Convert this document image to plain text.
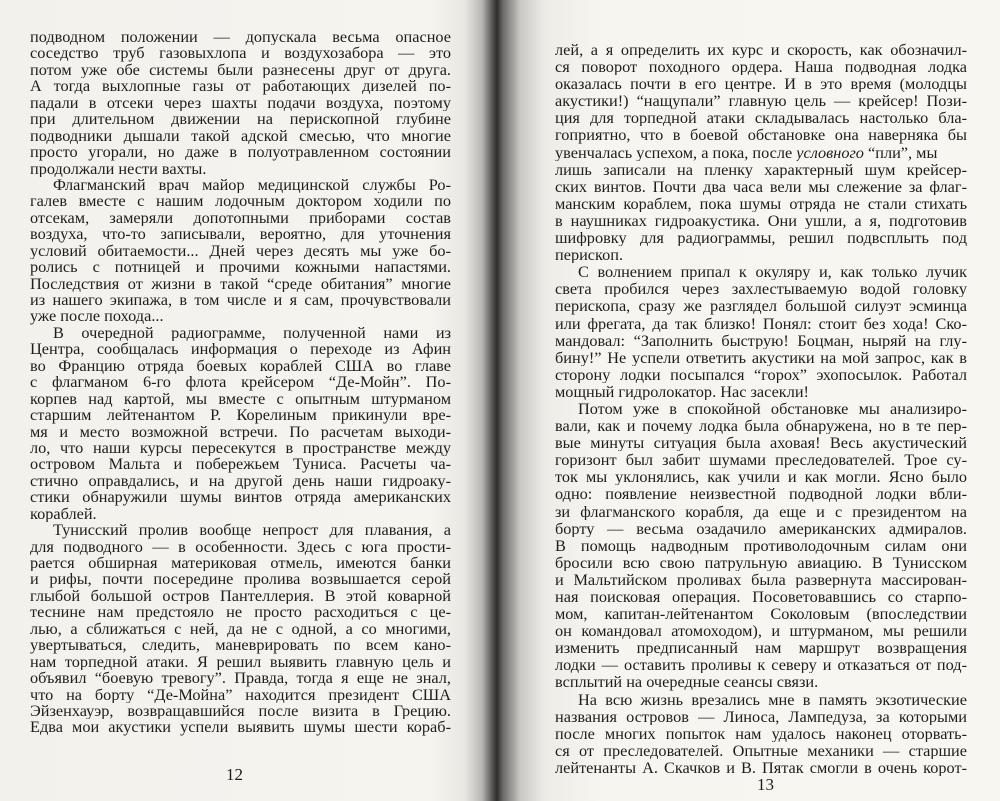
подводном положении — допускала весьма опасное
соседство труб газовыхлопа и воздухозабора — это
потом уже обе системы были разнесены друг от друга.
А тогда выхлопные газы от работающих дизелей по-
падали в отсеки через шахты подачи воздуха, поэтому
при длительном движении на перископной глубине
подводники дышали такой адской смесью, что многие
просто угорали, но даже в полуотравленном состоянии
продолжали нести вахты.
Флагманский врач майор медицинской службы Ро-
галев вместе с нашим лодочным доктором ходили по
отсекам, замеряли допотопными приборами состав
воздуха, что-то записывали, вероятно, для уточнения
условий обитаемости... Дней через десять мы уже бо-
ролись с потницей и прочими кожными напастями.
Последствия от жизни в такой “среде обитания” многие
из нашего экипажа, в том числе и я сам, прочувствовали
уже после похода...
В очередной радиограмме, полученной нами из
Центра, сообщалась информация о переходе из Афин
во Францию отряда боевых кораблей США во главе
с флагманом 6-го флота крейсером “Де-Мойн”. По-
корпев над картой, мы вместе с опытным штурманом
старшим лейтенантом Р. Корелиным прикинули вре-
мя и место возможной встречи. По расчетам выходи-
ло, что наши курсы пересекутся в пространстве между
островом Мальта и побережьем Туниса. Расчеты ча-
стично оправдались, и на другой день наши гидроаку-
стики обнаружили шумы винтов отряда американских
кораблей.
Тунисский пролив вообще непрост для плавания, а
для подводного — в особенности. Здесь с юга прости-
рается обширная материковая отмель, имеются банки
и рифы, почти посередине пролива возвышается серой
глыбой большой остров Пантеллерия. В этой коварной
теснине нам предстояло не просто расходиться с це-
лью, а сближаться с ней, да не с одной, а со многими,
увертываться, следить, маневрировать по всем кано-
нам торпедной атаки. Я решил выявить главную цель и
объявил “боевую тревогу”. Правда, тогда я еще не знал,
что на борту “Де-Мойна” находится президент США
Эйзенхауэр, возвращавшийся после визита в Грецию.
Едва мои акустики успели выявить шумы шести кораб-
12
лей, а я определить их курс и скорость, как обозначил-
ся поворот походного ордера. Наша подводная лодка
оказалась почти в его центре. И в это время (молодцы
акустики!) “нащупали” главную цель — крейсер! Пози-
ция для торпедной атаки складывалась настолько бла-
гоприятно, что в боевой обстановке она наверняка бы
увенчалась успехом, а пока, после условного “пли”, мы
лишь записали на пленку характерный шум крейсер-
ских винтов. Почти два часа вели мы слежение за флаг-
манским кораблем, пока шумы отряда не стали стихать
в наушниках гидроакустика. Они ушли, а я, подготовив
шифровку для радиограммы, решил подвсплыть под
перископ.
С волнением припал к окуляру и, как только лучик
света пробился через захлестываемую водой головку
перископа, сразу же разглядел большой силуэт эсминца
или фрегата, да так близко! Понял: стоит без хода! Ско-
мандовал: “Заполнить быструю! Боцман, ныряй на глу-
бину!” Не успели ответить акустики на мой запрос, как в
сторону лодки посыпался “горох” эхопосылок. Работал
мощный гидролокатор. Нас засекли!
Потом уже в спокойной обстановке мы анализиро-
вали, как и почему лодка была обнаружена, но в те пер-
вые минуты ситуация была аховая! Весь акустический
горизонт был забит шумами преследователей. Трое су-
ток мы уклонялись, как учили и как могли. Ясно было
одно: появление неизвестной подводной лодки вбли-
зи флагманского корабля, да еще и с президентом на
борту — весьма озадачило американских адмиралов.
В помощь надводным противолодочным силам они
бросили всю свою патрульную авиацию. В Тунисском
и Мальтийском проливах была развернута массирован-
ная поисковая операция. Посоветовавшись со старпо-
мом, капитан-лейтенантом Соколовым (впоследствии
он командовал атомоходом), и штурманом, мы решили
изменить предписанный нам маршрут возвращения
лодки — оставить проливы к северу и отказаться от под-
всплытий на очередные сеансы связи.
На всю жизнь врезались мне в память экзотические
названия островов — Линоса, Лампедуза, за которыми
после многих попыток нам удалось наконец оторвать-
ся от преследователей. Опытные механики — старшие
лейтенанты А. Скачков и В. Пятак смогли в очень корот-
13
